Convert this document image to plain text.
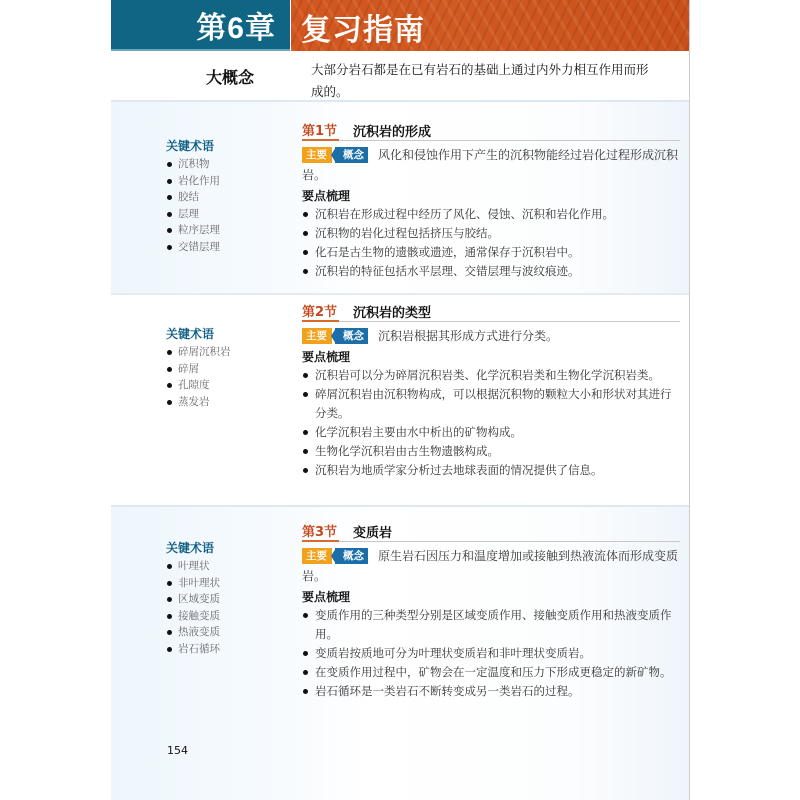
第6章 复习指南
大概念	大部分岩石都是在已有岩石的基础上通过内外力相互作用而形成的。
关键术语
沉积物
岩化作用
胶结
层理
粒序层理
交错层理
第1节 沉积岩的形成
主要	概念	风化和侵蚀作用下产生的沉积物能经过岩化过程形成沉积岩。
要点梳理
沉积岩在形成过程中经历了风化、侵蚀、沉积和岩化作用。
沉积物的岩化过程包括挤压与胶结。
化石是古生物的遗骸或遗迹，通常保存于沉积岩中。
沉积岩的特征包括水平层理、交错层理与波纹痕迹。
关键术语
碎屑沉积岩
碎屑
孔隙度
蒸发岩
第2节 沉积岩的类型
主要	概念	沉积岩根据其形成方式进行分类。
要点梳理
沉积岩可以分为碎屑沉积岩类、化学沉积岩类和生物化学沉积岩类。
碎屑沉积岩由沉积物构成，可以根据沉积物的颗粒大小和形状对其进行分类。
化学沉积岩主要由水中析出的矿物构成。
生物化学沉积岩由古生物遗骸构成。
沉积岩为地质学家分析过去地球表面的情况提供了信息。
关键术语
叶理状
非叶理状
区域变质
接触变质
热液变质
岩石循环
第3节 变质岩
主要	概念	原生岩石因压力和温度增加或接触到热液流体而形成变质岩。
要点梳理
变质作用的三种类型分别是区域变质作用、接触变质作用和热液变质作用。
变质岩按质地可分为叶理状变质岩和非叶理状变质岩。
在变质作用过程中，矿物会在一定温度和压力下形成更稳定的新矿物。
岩石循环是一类岩石不断转变成另一类岩石的过程。
154
